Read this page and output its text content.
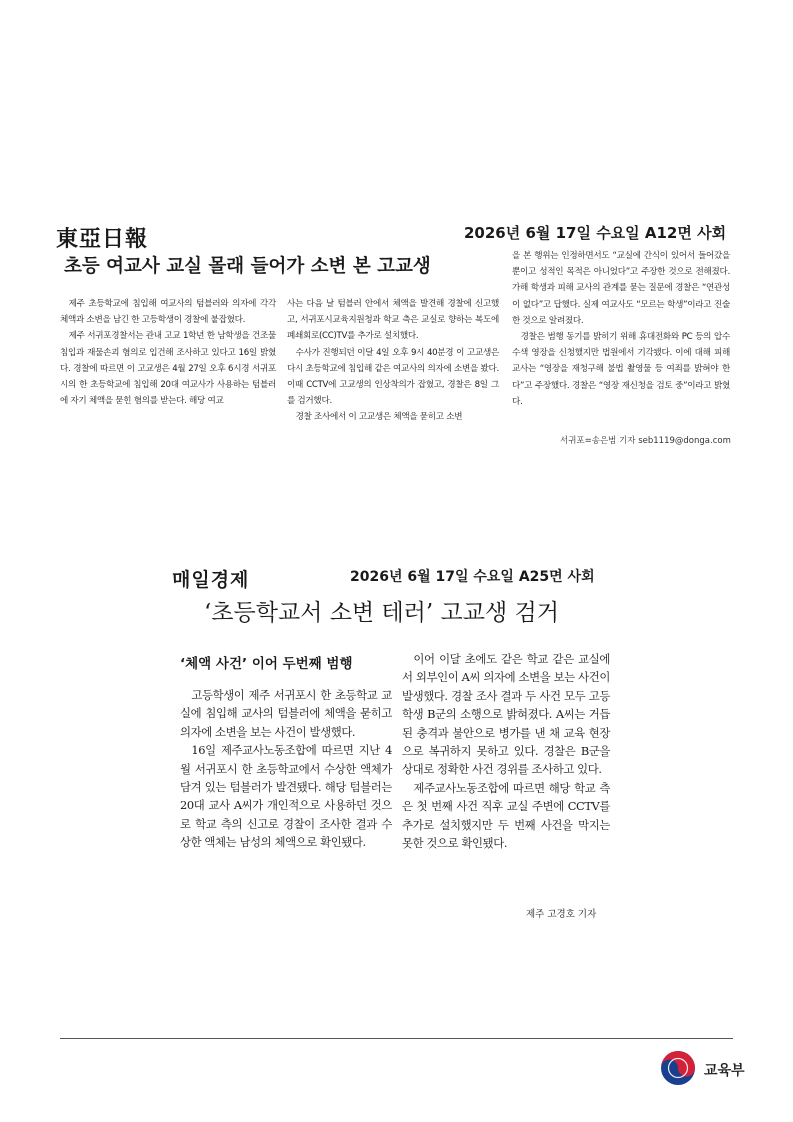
東亞日報	2026년 6월 17일 수요일 A12면 사회
초등 여교사 교실 몰래 들어가 소변 본 고교생

제주 초등학교에 침입해 여교사의 텀블러와 의자에 각각 체액과 소변을 남긴 한 고등학생이 경찰에 붙잡혔다.

제주 서귀포경찰서는 관내 고교 1학년 한 남학생을 건조물 침입과 재물손괴 혐의로 입건해 조사하고 있다고 16일 밝혔다. 경찰에 따르면 이 고교생은 4월 27일 오후 6시경 서귀포시의 한 초등학교에 침입해 20대 여교사가 사용하는 텀블러에 자기 체액을 묻힌 혐의를 받는다. 해당 여교

사는 다음 날 텀블러 안에서 체액을 발견해 경찰에 신고했고, 서귀포시교육지원청과 학교 측은 교실로 향하는 복도에 폐쇄회로(CC)TV를 추가로 설치했다.

수사가 진행되던 이달 4일 오후 9시 40분경 이 고교생은 다시 초등학교에 침입해 같은 여교사의 의자에 소변을 봤다. 이때 CCTV에 고교생의 인상착의가 잡혔고, 경찰은 8일 그를 검거했다.

경찰 조사에서 이 고교생은 체액을 묻히고 소변

을 본 행위는 인정하면서도 “교실에 간식이 있어서 들어갔을 뿐이고 성적인 목적은 아니었다”고 주장한 것으로 전해졌다. 가해 학생과 피해 교사의 관계를 묻는 질문에 경찰은 “연관성이 없다”고 답했다. 실제 여교사도 “모르는 학생”이라고 진술한 것으로 알려졌다.

경찰은 범행 동기를 밝히기 위해 휴대전화와 PC 등의 압수수색 영장을 신청했지만 법원에서 기각됐다. 이에 대해 피해 교사는 “영장을 재청구해 불법 촬영물 등 여죄를 밝혀야 한다”고 주장했다. 경찰은 “영장 재신청을 검토 중”이라고 밝혔다.

서귀포=송은범 기자 seb1119@donga.com
매일경제	2026년 6월 17일 수요일 A25면 사회
‘초등학교서 소변 테러’ 고교생 검거
‘체액 사건’ 이어 두번째 범행

고등학생이 제주 서귀포시 한 초등학교 교실에 침입해 교사의 텀블러에 체액을 묻히고 의자에 소변을 보는 사건이 발생했다.

16일 제주교사노동조합에 따르면 지난 4월 서귀포시 한 초등학교에서 수상한 액체가 담겨 있는 텀블러가 발견됐다. 해당 텀블러는 20대 교사 A씨가 개인적으로 사용하던 것으로 학교 측의 신고로 경찰이 조사한 결과 수상한 액체는 남성의 체액으로 확인됐다.

이어 이달 초에도 같은 학교 같은 교실에서 외부인이 A씨 의자에 소변을 보는 사건이 발생했다. 경찰 조사 결과 두 사건 모두 고등학생 B군의 소행으로 밝혀졌다. A씨는 거듭된 충격과 불안으로 병가를 낸 채 교육 현장으로 복귀하지 못하고 있다. 경찰은 B군을 상대로 정확한 사건 경위를 조사하고 있다.

제주교사노동조합에 따르면 해당 학교 측은 첫 번째 사건 직후 교실 주변에 CCTV를 추가로 설치했지만 두 번째 사건을 막지는 못한 것으로 확인됐다.

제주 고경호 기자
교육부
